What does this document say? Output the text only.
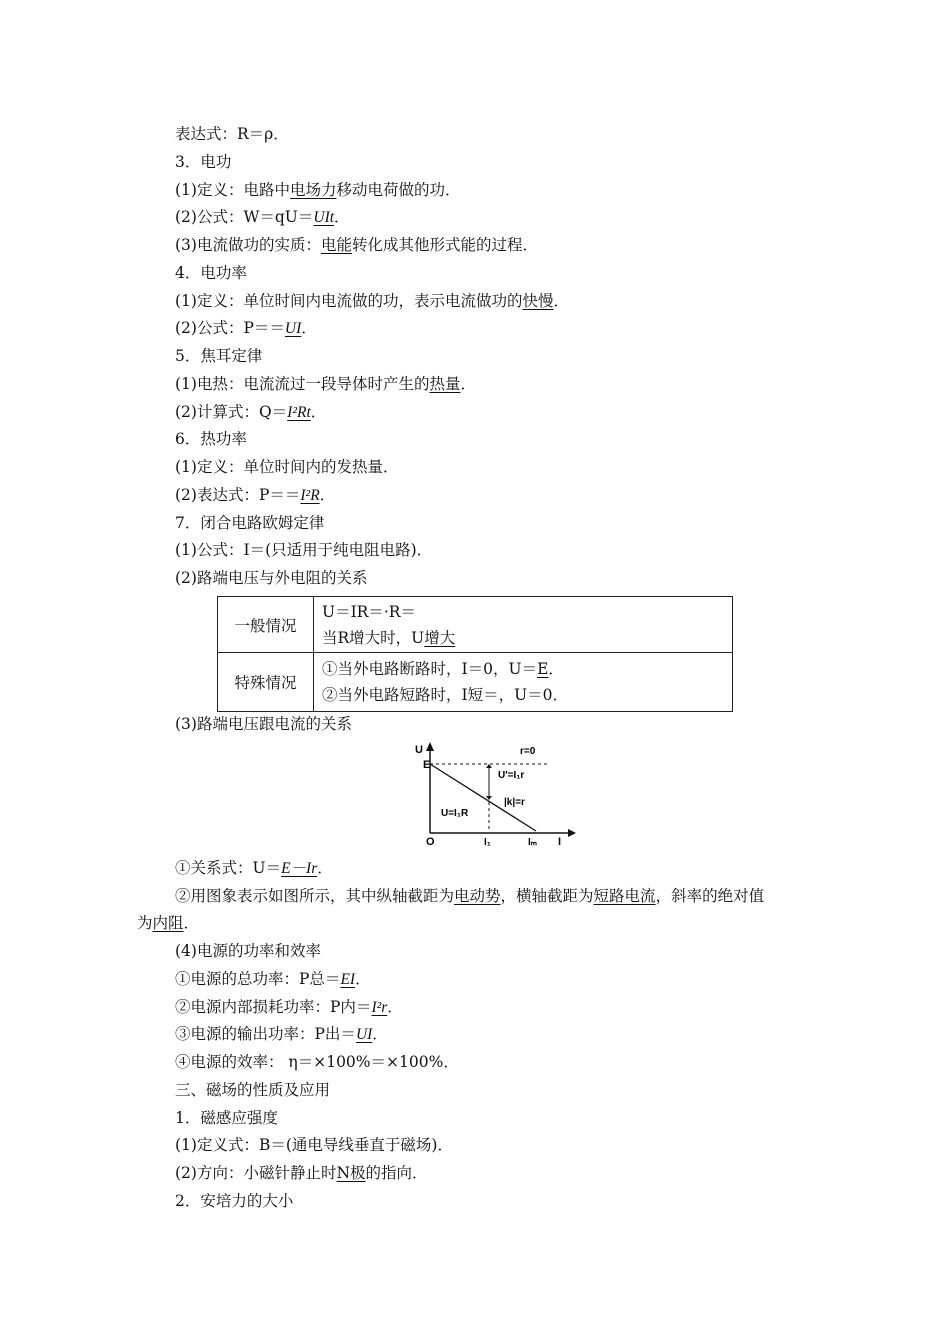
表达式：R＝ρ．
3．电功
(1)定义：电路中电场力移动电荷做的功．
(2)公式：W＝qU＝UIt．
(3)电流做功的实质：电能转化成其他形式能的过程．
4．电功率
(1)定义：单位时间内电流做的功，表示电流做功的快慢．
(2)公式：P＝＝UI．
5．焦耳定律
(1)电热：电流流过一段导体时产生的热量．
(2)计算式：Q＝I²Rt．
6．热功率
(1)定义：单位时间内的发热量．
(2)表达式：P＝＝I²R．
7．闭合电路欧姆定律
(1)公式：I＝(只适用于纯电阻电路)．
(2)路端电压与外电阻的关系
一般情况	U＝IR＝·R＝
当R增大时，U增大

特殊情况	①当外电路断路时，I＝0，U＝E．
②当外电路短路时，I短＝，U＝0．
(3)路端电压跟电流的关系
U
E
r=0
U′=I₁r
|k|=r
U=I₁R
O	I₁	Iₘ I
①关系式：U＝E－Ir．
②用图象表示如图所示，其中纵轴截距为电动势，横轴截距为短路电流，斜率的绝对值
为内阻．
(4)电源的功率和效率
①电源的总功率：P总＝EI．
②电源内部损耗功率：P内＝I²r．
③电源的输出功率：P出＝UI．
④电源的效率： η＝×100%＝×100%．
三、磁场的性质及应用
1．磁感应强度
(1)定义式：B＝(通电导线垂直于磁场)．
(2)方向：小磁针静止时N极的指向．
2．安培力的大小
